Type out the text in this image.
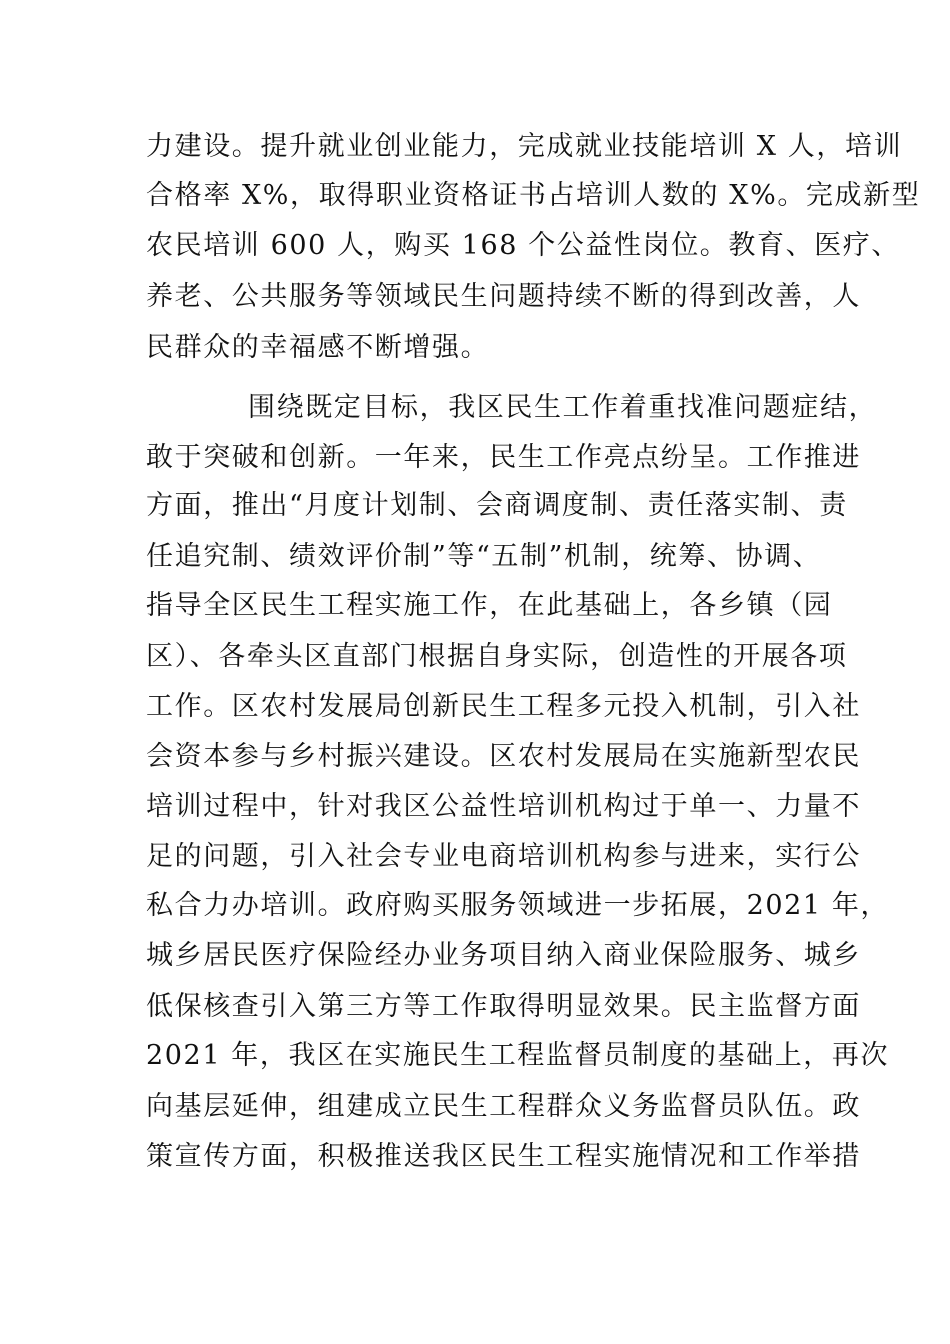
力建设。提升就业创业能力，完成就业技能培训 X 人，培训
合格率 X%，取得职业资格证书占培训人数的 X%。完成新型
农民培训 600 人，购买 168 个公益性岗位。教育、医疗、
养老、公共服务等领域民生问题持续不断的得到改善，人
民群众的幸福感不断增强。
围绕既定目标，我区民生工作着重找准问题症结，
敢于突破和创新。一年来，民生工作亮点纷呈。工作推进
方面，推出“月度计划制、会商调度制、责任落实制、责
任追究制、绩效评价制”等“五制”机制，统筹、协调、
指导全区民生工程实施工作，在此基础上，各乡镇（园
区）、各牵头区直部门根据自身实际，创造性的开展各项
工作。区农村发展局创新民生工程多元投入机制，引入社
会资本参与乡村振兴建设。区农村发展局在实施新型农民
培训过程中，针对我区公益性培训机构过于单一、力量不
足的问题，引入社会专业电商培训机构参与进来，实行公
私合力办培训。政府购买服务领域进一步拓展，2021 年，
城乡居民医疗保险经办业务项目纳入商业保险服务、城乡
低保核查引入第三方等工作取得明显效果。民主监督方面
2021 年，我区在实施民生工程监督员制度的基础上，再次
向基层延伸，组建成立民生工程群众义务监督员队伍。政
策宣传方面，积极推送我区民生工程实施情况和工作举措
